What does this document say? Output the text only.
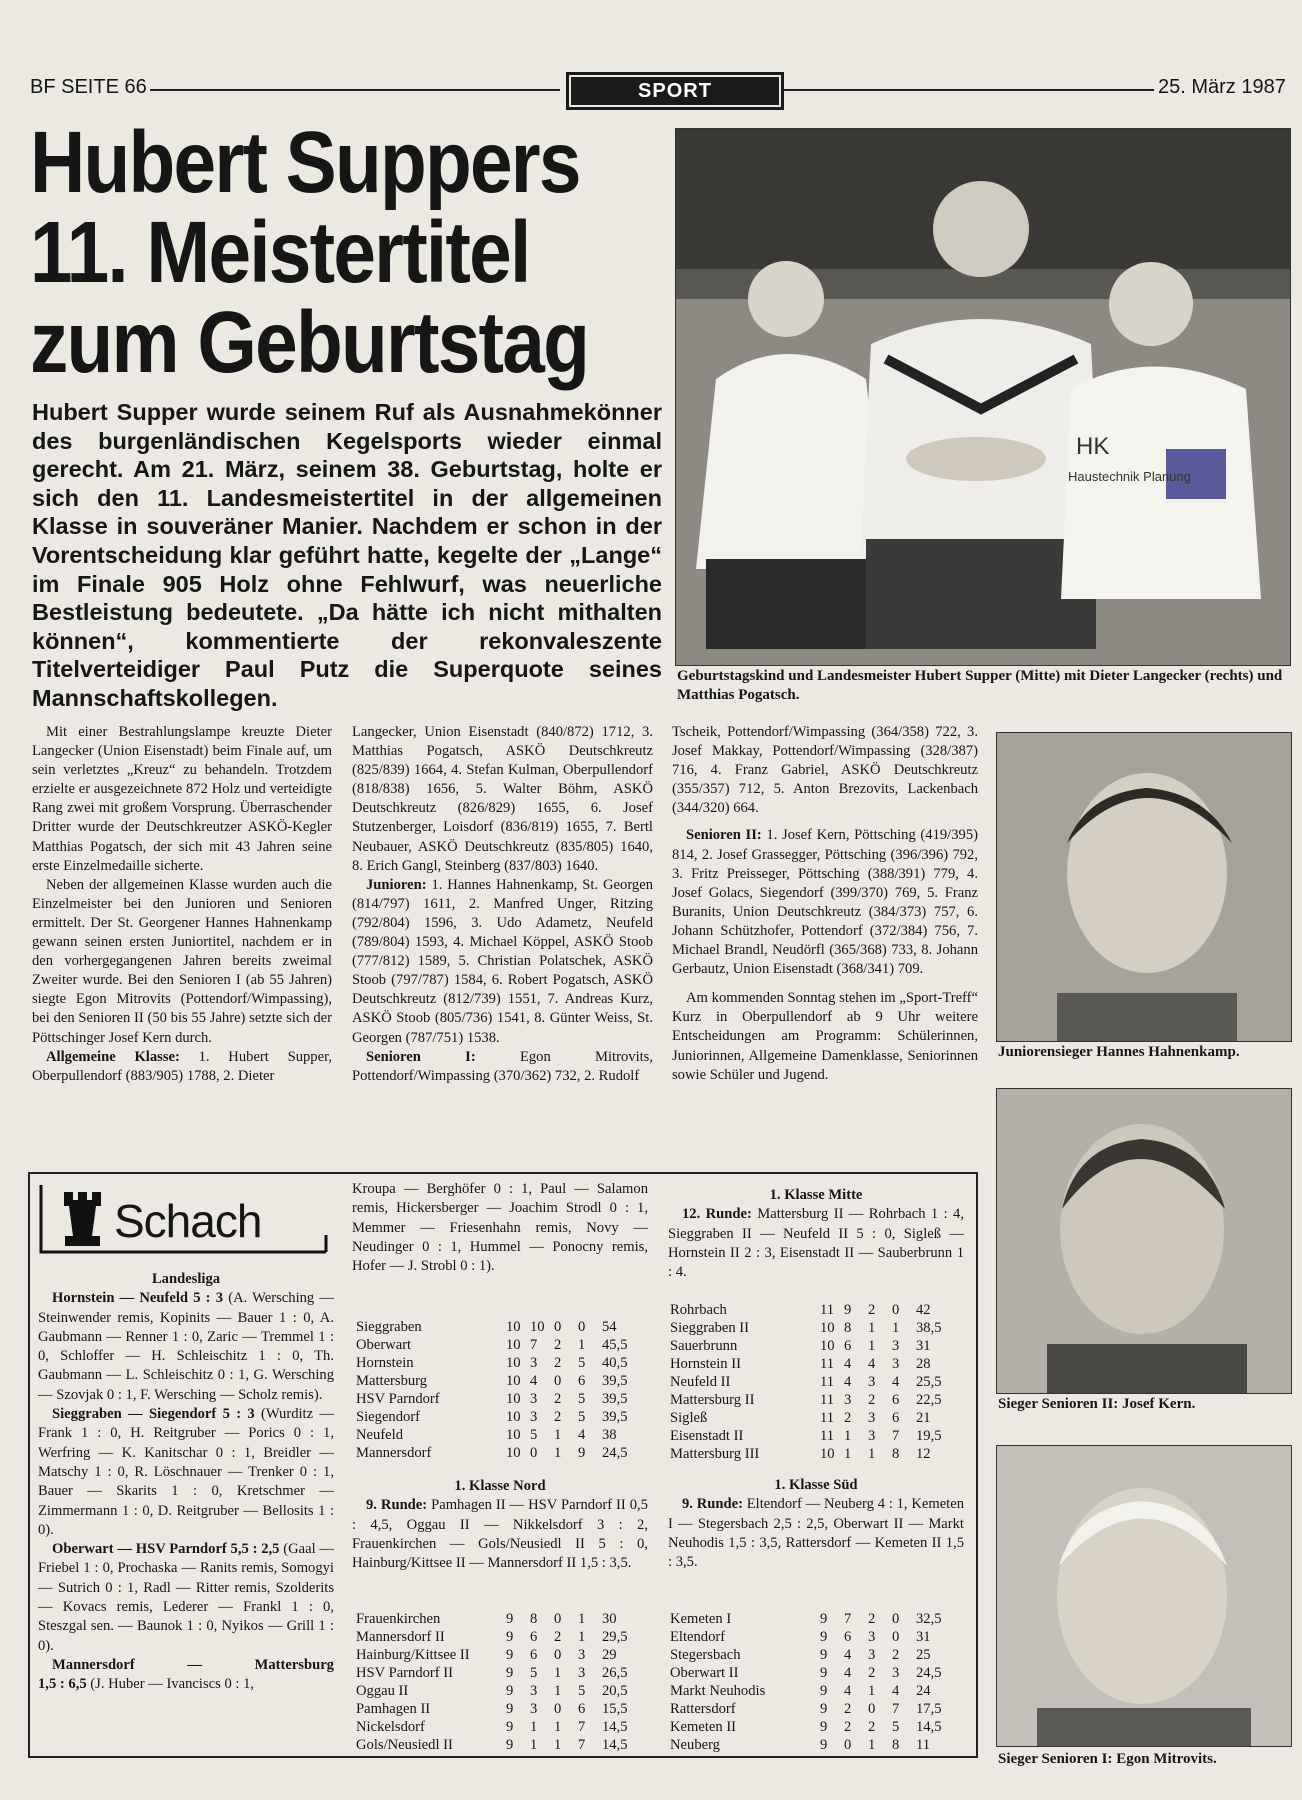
BF SEITE 66	SPORT	25. März 1987
Hubert Suppers
11. Meistertitel
zum Geburtstag
Hubert Supper wurde seinem Ruf als Ausnahmekönner des burgenländischen Kegelsports wieder einmal gerecht. Am 21. März, seinem 38. Geburtstag, holte er sich den 11. Landesmeistertitel in der allgemeinen Klasse in souveräner Manier. Nachdem er schon in der Vorentscheidung klar geführt hatte, kegelte der „Lange“ im Finale 905 Holz ohne Fehlwurf, was neuerliche Bestleistung bedeutete. „Da hätte ich nicht mithalten können“, kommentierte der rekonvaleszente Titelverteidiger Paul Putz die Superquote seines Mannschaftskollegen.
HK
Haustechnik Planung
Geburtstagskind und Landesmeister Hubert Supper (Mitte) mit Dieter Langecker (rechts) und Matthias Pogatsch.
Juniorensieger Hannes Hahnenkamp.
Sieger Senioren II: Josef Kern.
Sieger Senioren I: Egon Mitrovits.

Mit einer Bestrahlungslampe kreuzte Dieter Langecker (Union Eisenstadt) beim Finale auf, um sein verletztes „Kreuz“ zu behandeln. Trotzdem erzielte er ausgezeichnete 872 Holz und verteidigte Rang zwei mit großem Vorsprung. Überraschender Dritter wurde der Deutschkreutzer ASKÖ-Kegler Matthias Pogatsch, der sich mit 43 Jahren seine erste Einzelmedaille sicherte.

Neben der allgemeinen Klasse wurden auch die Einzelmeister bei den Junioren und Senioren ermittelt. Der St. Georgener Hannes Hahnenkamp gewann seinen ersten Juniortitel, nachdem er in den vorhergegangenen Jahren bereits zweimal Zweiter wurde. Bei den Senioren I (ab 55 Jahren) siegte Egon Mitrovits (Pottendorf/Wimpassing), bei den Senioren II (50 bis 55 Jahre) setzte sich der Pöttschinger Josef Kern durch.

Allgemeine Klasse: 1. Hubert Supper, Oberpullendorf (883/905) 1788, 2. Dieter

Langecker, Union Eisenstadt (840/872) 1712, 3. Matthias Pogatsch, ASKÖ Deutschkreutz (825/839) 1664, 4. Stefan Kulman, Oberpullendorf (818/838) 1656, 5. Walter Böhm, ASKÖ Deutschkreutz (826/829) 1655, 6. Josef Stutzenberger, Loisdorf (836/819) 1655, 7. Bertl Neubauer, ASKÖ Deutschkreutz (835/805) 1640, 8. Erich Gangl, Steinberg (837/803) 1640.

Junioren: 1. Hannes Hahnenkamp, St. Georgen (814/797) 1611, 2. Manfred Unger, Ritzing (792/804) 1596, 3. Udo Adametz, Neufeld (789/804) 1593, 4. Michael Köppel, ASKÖ Stoob (777/812) 1589, 5. Christian Polatschek, ASKÖ Stoob (797/787) 1584, 6. Robert Pogatsch, ASKÖ Deutschkreutz (812/739) 1551, 7. Andreas Kurz, ASKÖ Stoob (805/736) 1541, 8. Günter Weiss, St. Georgen (787/751) 1538.

Senioren I: Egon Mitrovits, Pottendorf/Wimpassing (370/362) 732, 2. Rudolf

Tscheik, Pottendorf/Wimpassing (364/358) 722, 3. Josef Makkay, Pottendorf/Wimpassing (328/387) 716, 4. Franz Gabriel, ASKÖ Deutschkreutz (355/357) 712, 5. Anton Brezovits, Lackenbach (344/320) 664.

Senioren II: 1. Josef Kern, Pöttsching (419/395) 814, 2. Josef Grassegger, Pöttsching (396/396) 792, 3. Fritz Preisseger, Pöttsching (388/391) 779, 4. Josef Golacs, Siegendorf (399/370) 769, 5. Franz Buranits, Union Deutschkreutz (384/373) 757, 6. Johann Schützhofer, Pottendorf (372/384) 756, 7. Michael Brandl, Neudörfl (365/368) 733, 8. Johann Gerbautz, Union Eisenstadt (368/341) 709.

Am kommenden Sonntag stehen im „Sport-Treff“ Kurz in Oberpullendorf ab 9 Uhr weitere Entscheidungen am Programm: Schülerinnen, Juniorinnen, Allgemeine Damenklasse, Seniorinnen sowie Schüler und Jugend.

Schach

Landesliga

Hornstein — Neufeld 5 : 3 (A. Wersching — Steinwender remis, Kopinits — Bauer 1 : 0, A. Gaubmann — Renner 1 : 0, Zaric — Tremmel 1 : 0, Schloffer — H. Schleischitz 1 : 0, Th. Gaubmann — L. Schleischitz 0 : 1, G. Wersching — Szovjak 0 : 1, F. Wersching — Scholz remis).

Sieggraben — Siegendorf 5 : 3 (Wurditz — Frank 1 : 0, H. Reitgruber — Porics 0 : 1, Werfring — K. Kanitschar 0 : 1, Breidler — Matschy 1 : 0, R. Löschnauer — Trenker 0 : 1, Bauer — Skarits 1 : 0, Kretschmer — Zimmermann 1 : 0, D. Reitgruber — Bellosits 1 : 0).

Oberwart — HSV Parndorf 5,5 : 2,5 (Gaal — Friebel 1 : 0, Prochaska — Ranits remis, Somogyi — Sutrich 0 : 1, Radl — Ritter remis, Szolderits — Kovacs remis, Lederer — Frankl 1 : 0, Steszgal sen. — Baunok 1 : 0, Nyikos — Grill 1 : 0).

Mannersdorf	—	Mattersburg

1,5 : 6,5 (J. Huber — Ivanciscs 0 : 1,

Kroupa — Berghöfer 0 : 1, Paul — Salamon remis, Hickersberger — Joachim Strodl 0 : 1, Memmer — Friesenhahn remis, Novy — Neudinger 0 : 1, Hummel — Ponocny remis, Hofer — J. Strobl 0 : 1).

Sieggraben	10 10 0	0	54
Oberwart	10 7	2	1	45,5
Hornstein	10 3	2	5	40,5
Mattersburg	10 4	0	6	39,5
HSV Parndorf	10 3	2	5	39,5
Siegendorf	10 3	2	5	39,5
Neufeld	10 5	1	4	38
Mannersdorf	10 0	1	9	24,5

1. Klasse Nord

9. Runde: Pamhagen II — HSV Parndorf II 0,5 : 4,5, Oggau II — Nikkelsdorf 3 : 2, Frauenkirchen — Gols/Neusiedl II 5 : 0, Hainburg/Kittsee II — Mannersdorf II 1,5 : 3,5.

Frauenkirchen	9	8	0	1	30
Mannersdorf II	9	6	2	1	29,5
Hainburg/Kittsee II	9	6	0	3	29
HSV Parndorf II	9	5	1	3	26,5
Oggau II	9	3	1	5	20,5
Pamhagen II	9	3	0	6	15,5
Nickelsdorf	9	1	1	7	14,5
Gols/Neusiedl II	9	1	1	7	14,5

1. Klasse Mitte

12. Runde: Mattersburg II — Rohrbach 1 : 4, Sieggraben II — Neufeld II 5 : 0, Sigleß — Hornstein II 2 : 3, Eisenstadt II — Sauberbrunn 1 : 4.

Rohrbach	11 9	2	0	42
Sieggraben II	10 8	1	1	38,5
Sauerbrunn	10 6	1	3	31
Hornstein II	11 4	4	3	28
Neufeld II	11 4	3	4	25,5
Mattersburg II	11 3	2	6	22,5
Sigleß	11 2	3	6	21
Eisenstadt II	11 1	3	7	19,5
Mattersburg III	10 1	1	8	12

1. Klasse Süd

9. Runde: Eltendorf — Neuberg 4 : 1, Kemeten I — Stegersbach 2,5 : 2,5, Oberwart II — Markt Neuhodis 1,5 : 3,5, Rattersdorf — Kemeten II 1,5 : 3,5.

Kemeten I	9	7	2	0	32,5
Eltendorf	9	6	3	0	31
Stegersbach	9	4	3	2	25
Oberwart II	9	4	2	3	24,5
Markt Neuhodis	9	4	1	4	24
Rattersdorf	9	2	0	7	17,5
Kemeten II	9	2	2	5	14,5
Neuberg	9	0	1	8	11
